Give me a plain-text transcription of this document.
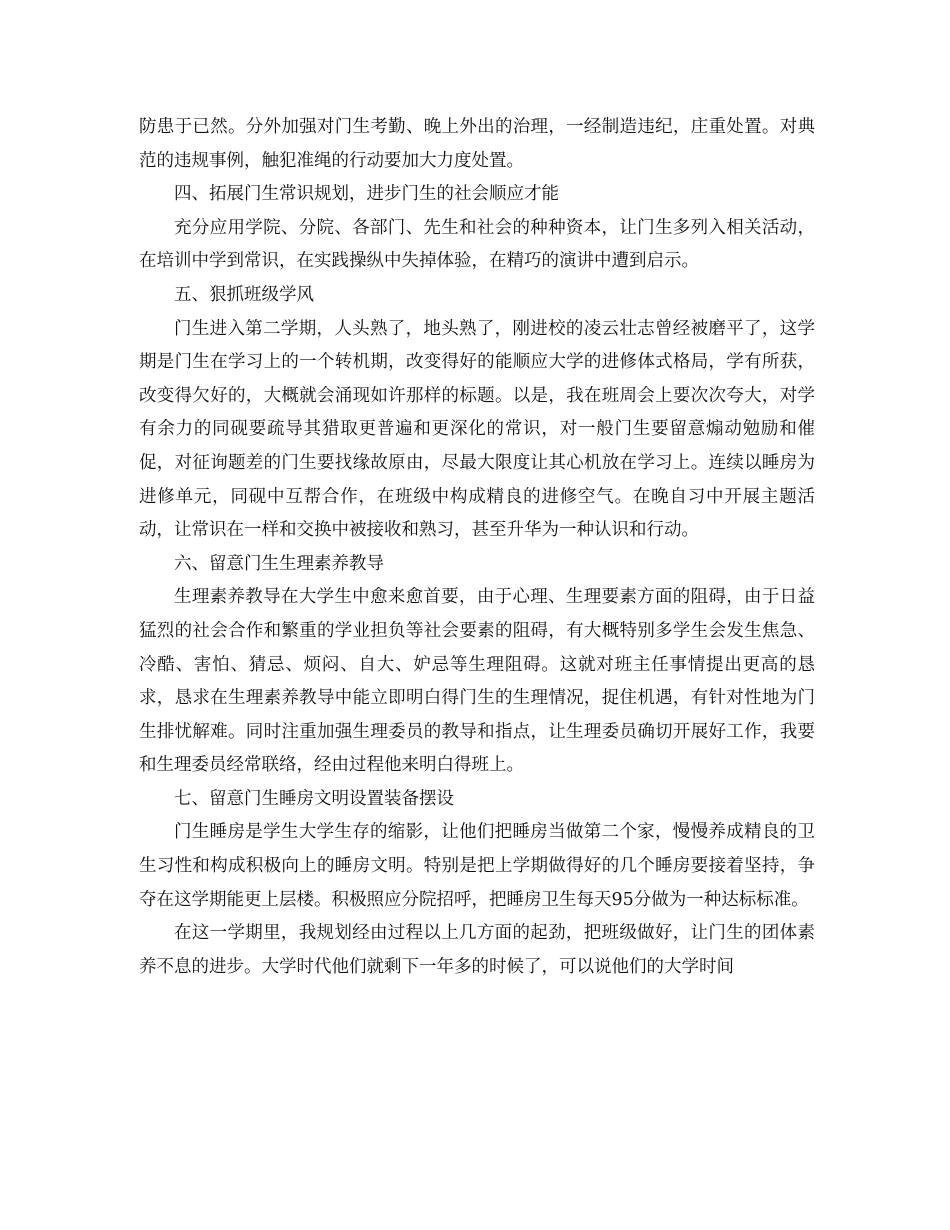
防患于已然。分外加强对门生考勤、晚上外出的治理，一经制造违纪，庄重处置。对典范的违规事例，触犯准绳的行动要加大力度处置。

四、拓展门生常识规划，进步门生的社会顺应才能

充分应用学院、分院、各部门、先生和社会的种种资本，让门生多列入相关活动，在培训中学到常识，在实践操纵中失掉体验，在精巧的演讲中遭到启示。

五、狠抓班级学风

门生进入第二学期，人头熟了，地头熟了，刚进校的凌云壮志曾经被磨平了，这学期是门生在学习上的一个转机期，改变得好的能顺应大学的进修体式格局，学有所获，改变得欠好的，大概就会涌现如许那样的标题。以是，我在班周会上要次次夸大，对学有余力的同砚要疏导其猎取更普遍和更深化的常识，对一般门生要留意煽动勉励和催促，对征询题差的门生要找缘故原由，尽最大限度让其心机放在学习上。连续以睡房为进修单元，同砚中互帮合作，在班级中构成精良的进修空气。在晚自习中开展主题活动，让常识在一样和交换中被接收和熟习，甚至升华为一种认识和行动。

六、留意门生生理素养教导

生理素养教导在大学生中愈来愈首要，由于心理、生理要素方面的阻碍，由于日益猛烈的社会合作和繁重的学业担负等社会要素的阻碍，有大概特别多学生会发生焦急、冷酷、害怕、猜忌、烦闷、自大、妒忌等生理阻碍。这就对班主任事情提出更高的恳求，恳求在生理素养教导中能立即明白得门生的生理情况，捉住机遇，有针对性地为门生排忧解难。同时注重加强生理委员的教导和指点，让生理委员确切开展好工作，我要和生理委员经常联络，经由过程他来明白得班上。

七、留意门生睡房文明设置装备摆设

门生睡房是学生大学生存的缩影，让他们把睡房当做第二个家，慢慢养成精良的卫生习性和构成积极向上的睡房文明。特别是把上学期做得好的几个睡房要接着坚持，争夺在这学期能更上层楼。积极照应分院招呼，把睡房卫生每天95分做为一种达标标准。

在这一学期里，我规划经由过程以上几方面的起劲，把班级做好，让门生的团体素养不息的进步。大学时代他们就剩下一年多的时候了，可以说他们的大学时间
